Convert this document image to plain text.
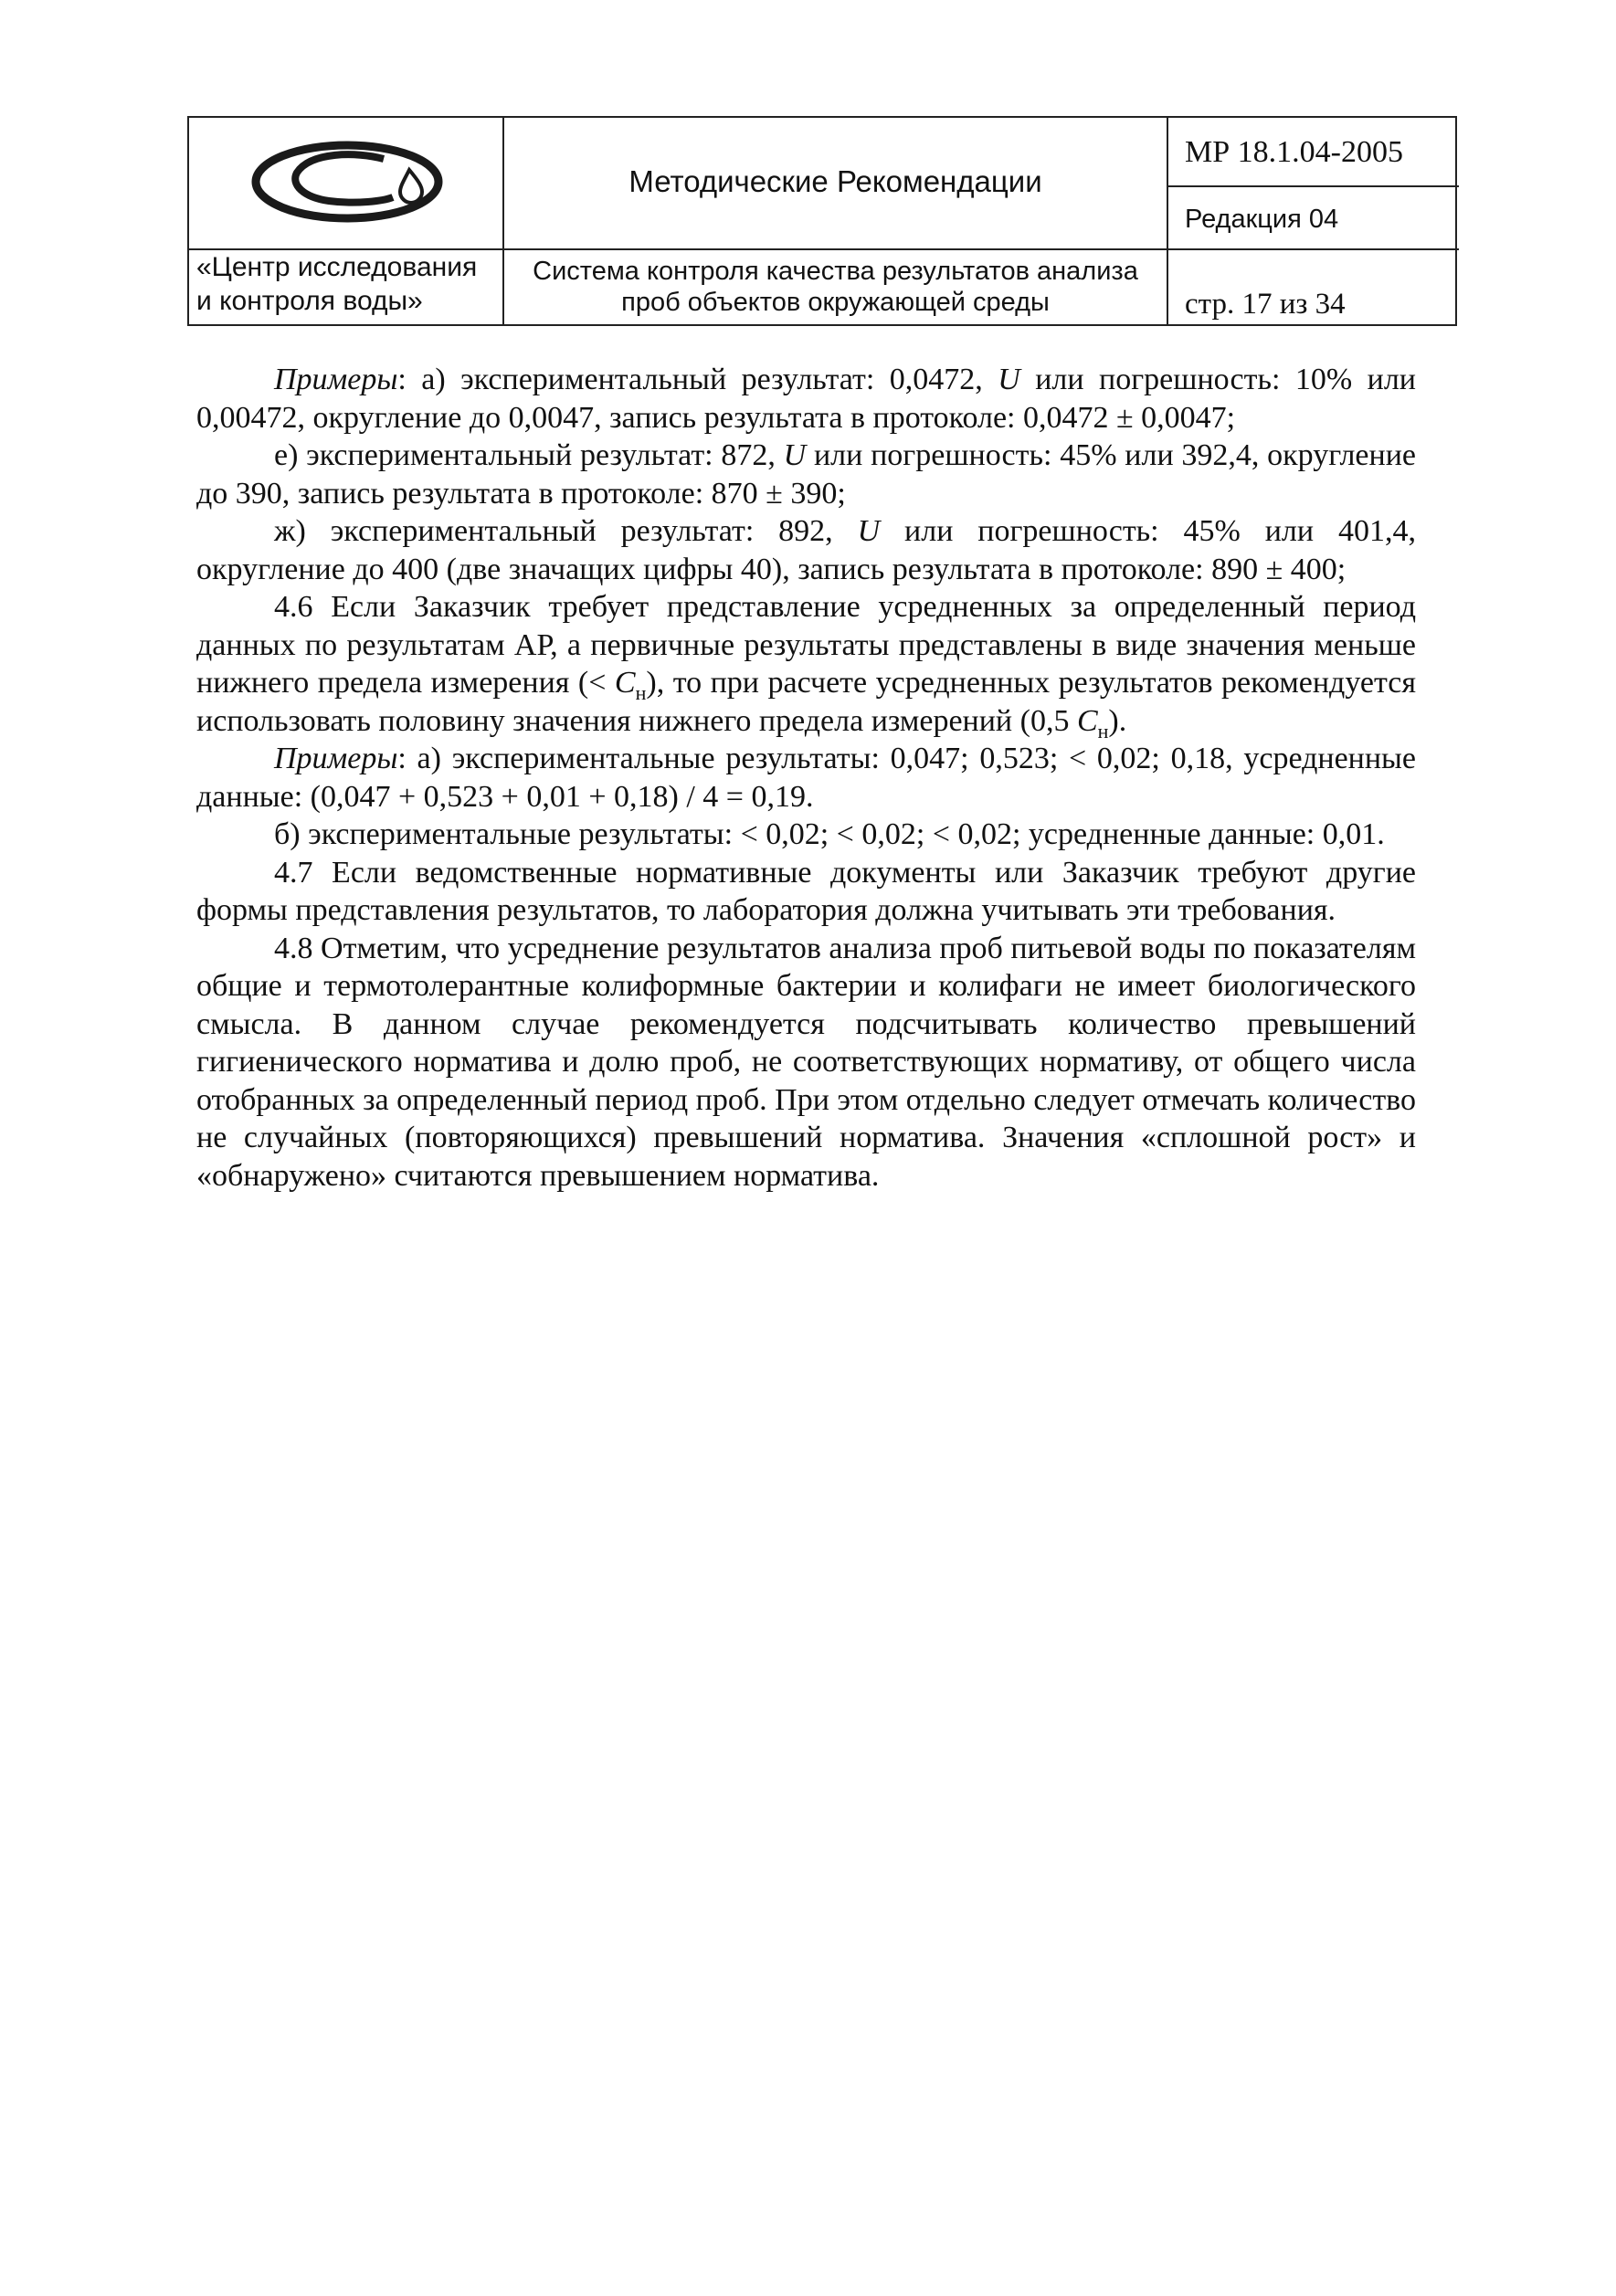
«Центр исследования
и контроля воды»
Методические Рекомендации
Система контроля качества результатов анализа
проб объектов окружающей среды
МР 18.1.04-2005
Редакция 04
стр. 17 из 34

Примеры: а) экспериментальный результат: 0,0472, U или погрешность: 10% или 0,00472, округление до 0,0047, запись результата в протоколе: 0,0472 ± 0,0047;

е) экспериментальный результат: 872, U или погрешность: 45% или 392,4, округление до 390, запись результата в протоколе: 870 ± 390;

ж) экспериментальный результат: 892, U или погрешность: 45% или 401,4, округление до 400 (две значащих цифры 40), запись результата в протоколе: 890 ± 400;

4.6 Если Заказчик требует представление усредненных за определенный период данных по результатам АР, а первичные результаты представлены в виде значения меньше нижнего предела измерения (< $C_н$), то при расчете усредненных результатов рекомендуется использовать половину значения нижнего предела измерений (0,5 $C_н$).

Примеры: а) экспериментальные результаты: 0,047; 0,523; < 0,02; 0,18, усредненные данные: (0,047 + 0,523 + 0,01 + 0,18) / 4 = 0,19.

б) экспериментальные результаты: < 0,02; < 0,02; < 0,02; усредненные данные: 0,01.

4.7 Если ведомственные нормативные документы или Заказчик требуют другие формы представления результатов, то лаборатория должна учитывать эти требования.

4.8 Отметим, что усреднение результатов анализа проб питьевой воды по показателям общие и термотолерантные колиформные бактерии и колифаги не имеет биологического смысла. В данном случае рекомендуется подсчитывать количество превышений гигиенического норматива и долю проб, не соответствующих нормативу, от общего числа отобранных за определенный период проб. При этом отдельно следует отмечать количество не случайных (повторяющихся) превышений норматива. Значения «сплошной рост» и «обнаружено» считаются превышением норматива.
